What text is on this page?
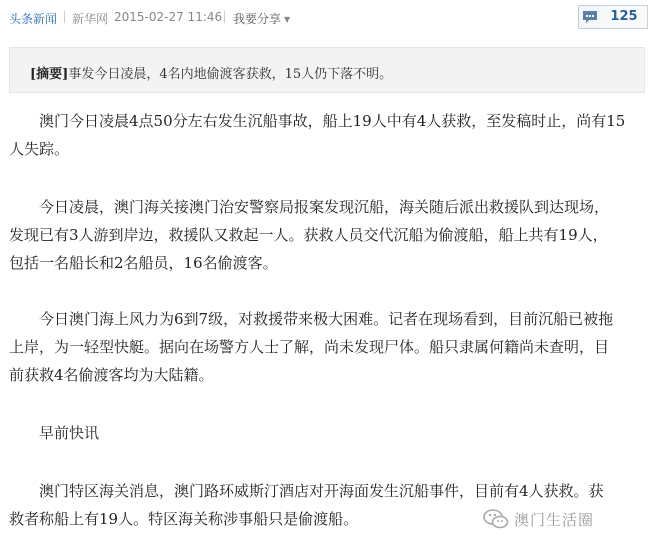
头条新闻 新华网 2015-02-27 11:46 我要分享 ▼	125
[摘要]事发今日凌晨，4名内地偷渡客获救，15人仍下落不明。
澳门今日凌晨4点50分左右发生沉船事故，船上19人中有4人获救，至发稿时止，尚有15
人失踪。
今日凌晨，澳门海关接澳门治安警察局报案发现沉船，海关随后派出救援队到达现场，
发现已有3人游到岸边，救援队又救起一人。获救人员交代沉船为偷渡船，船上共有19人，
包括一名船长和2名船员，16名偷渡客。
今日澳门海上风力为6到7级，对救援带来极大困难。记者在现场看到，目前沉船已被拖
上岸，为一轻型快艇。据向在场警方人士了解，尚未发现尸体。船只隶属何籍尚未查明，目
前获救4名偷渡客均为大陆籍。
早前快讯
澳门特区海关消息，澳门路环威斯汀酒店对开海面发生沉船事件，目前有4人获救。获
救者称船上有19人。特区海关称涉事船只是偷渡船。	澳门生活圈
